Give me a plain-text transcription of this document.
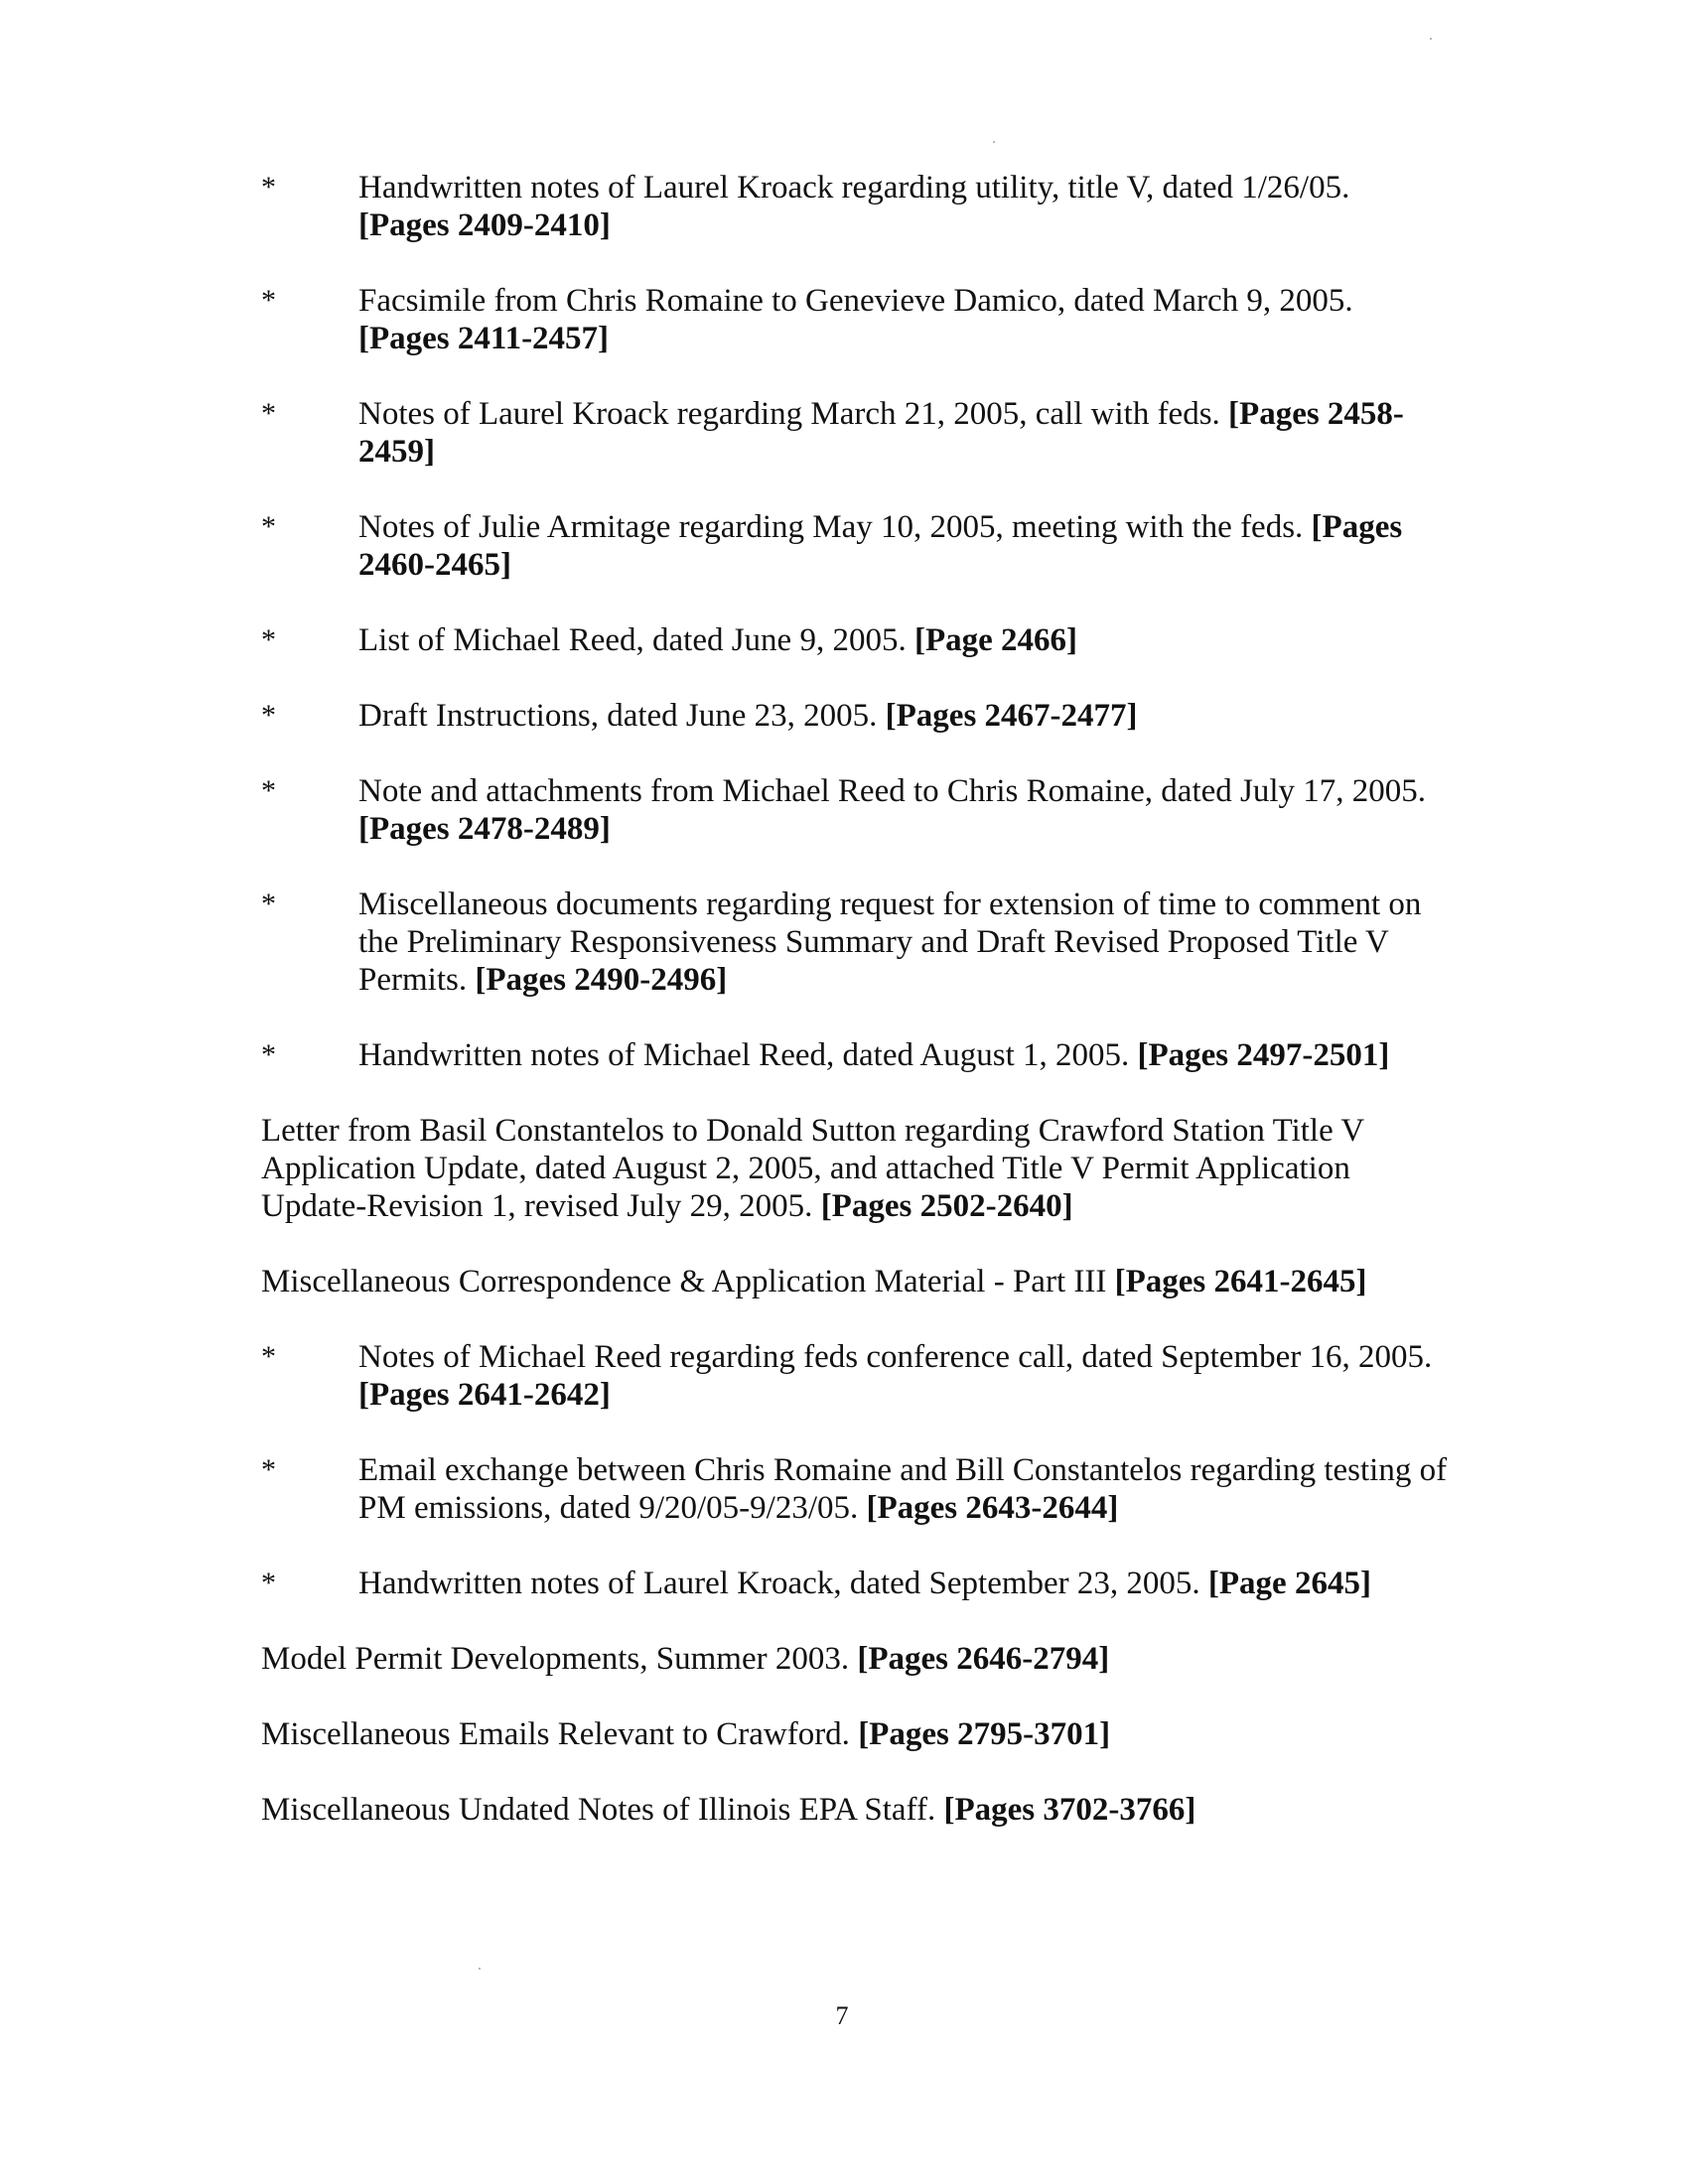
*	Handwritten notes of Laurel Kroack regarding utility, title V, dated 1/26/05.
[Pages 2409-2410]
*	Facsimile from Chris Romaine to Genevieve Damico, dated March 9, 2005.
[Pages 2411-2457]
*	Notes of Laurel Kroack regarding March 21, 2005, call with feds. [Pages 2458-2459]
*	Notes of Julie Armitage regarding May 10, 2005, meeting with the feds. [Pages 2460-2465]
*	List of Michael Reed, dated June 9, 2005. [Page 2466]
*	Draft Instructions, dated June 23, 2005. [Pages 2467-2477]
*	Note and attachments from Michael Reed to Chris Romaine, dated July 17, 2005.
[Pages 2478-2489]
*	Miscellaneous documents regarding request for extension of time to comment on the Preliminary Responsiveness Summary and Draft Revised Proposed Title V Permits. [Pages 2490-2496]
*	Handwritten notes of Michael Reed, dated August 1, 2005. [Pages 2497-2501]
Letter from Basil Constantelos to Donald Sutton regarding Crawford Station Title V Application Update, dated August 2, 2005, and attached Title V Permit Application Update-Revision 1, revised July 29, 2005. [Pages 2502-2640]
Miscellaneous Correspondence & Application Material - Part III [Pages 2641-2645]
*	Notes of Michael Reed regarding feds conference call, dated September 16, 2005.
[Pages 2641-2642]
*	Email exchange between Chris Romaine and Bill Constantelos regarding testing of PM emissions, dated 9/20/05-9/23/05. [Pages 2643-2644]
*	Handwritten notes of Laurel Kroack, dated September 23, 2005. [Page 2645]
Model Permit Developments, Summer 2003. [Pages 2646-2794]
Miscellaneous Emails Relevant to Crawford. [Pages 2795-3701]
Miscellaneous Undated Notes of Illinois EPA Staff. [Pages 3702-3766]
7
